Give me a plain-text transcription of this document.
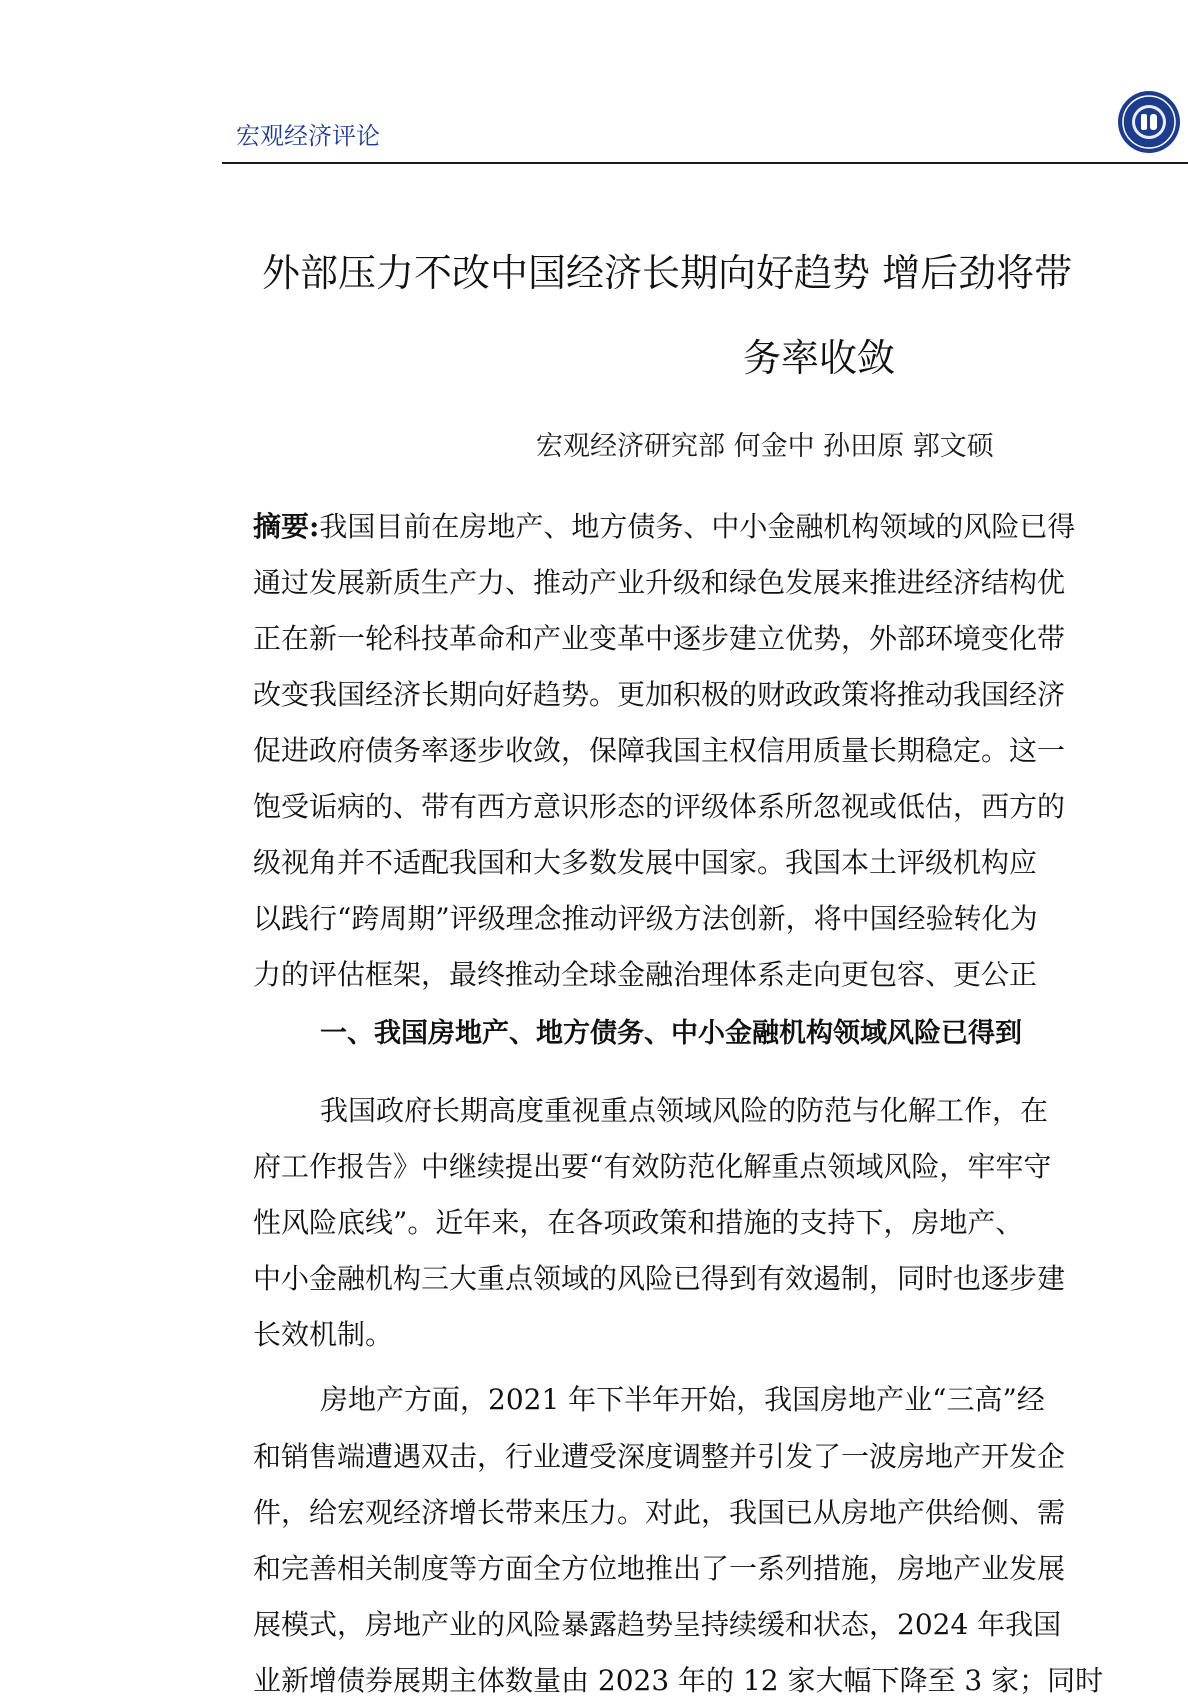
宏观经济评论
外部压力不改中国经济长期向好趋势 增后劲将带
务率收敛
宏观经济研究部 何金中 孙田原 郭文硕
摘要:我国目前在房地产、地方债务、中小金融机构领域的风险已得
通过发展新质生产力、推动产业升级和绿色发展来推进经济结构优
正在新一轮科技革命和产业变革中逐步建立优势，外部环境变化带
改变我国经济长期向好趋势。更加积极的财政政策将推动我国经济
促进政府债务率逐步收敛，保障我国主权信用质量长期稳定。这一
饱受诟病的、带有西方意识形态的评级体系所忽视或低估，西方的
级视角并不适配我国和大多数发展中国家。我国本土评级机构应
以践行“跨周期”评级理念推动评级方法创新，将中国经验转化为
力的评估框架，最终推动全球金融治理体系走向更包容、更公正
一、我国房地产、地方债务、中小金融机构领域风险已得到
我国政府长期高度重视重点领域风险的防范与化解工作，在
府工作报告》中继续提出要“有效防范化解重点领域风险，牢牢守
性风险底线”。近年来，在各项政策和措施的支持下，房地产、
中小金融机构三大重点领域的风险已得到有效遏制，同时也逐步建
长效机制。
房地产方面，2021 年下半年开始，我国房地产业“三高”经
和销售端遭遇双击，行业遭受深度调整并引发了一波房地产开发企
件，给宏观经济增长带来压力。对此，我国已从房地产供给侧、需
和完善相关制度等方面全方位地推出了一系列措施，房地产业发展
展模式，房地产业的风险暴露趋势呈持续缓和状态，2024 年我国
业新增债券展期主体数量由 2023 年的 12 家大幅下降至 3 家；同时
